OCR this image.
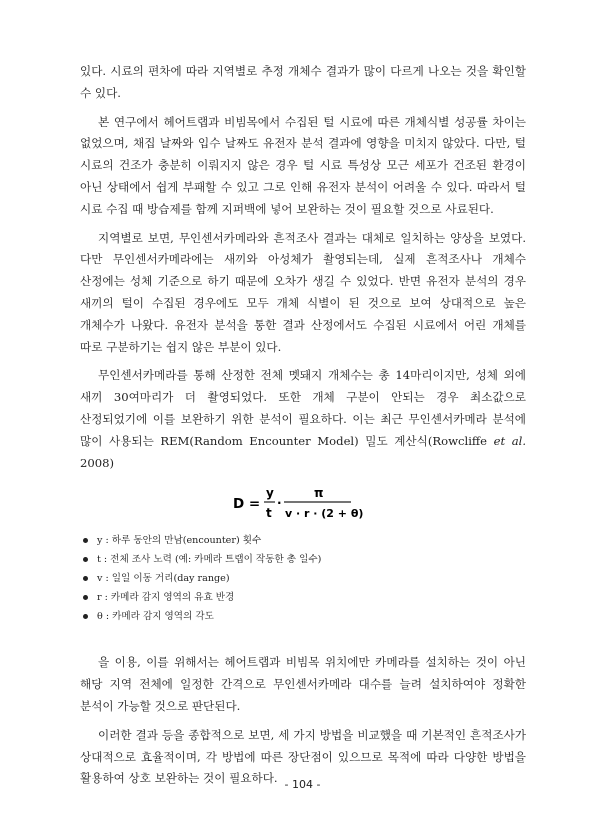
있다. 시료의 편차에 따라 지역별로 추정 개체수 결과가 많이 다르게 나오는 것을 확인할 수 있다.

본 연구에서 헤어트랩과 비빔목에서 수집된 털 시료에 따른 개체식별 성공률 차이는 없었으며, 채집 날짜와 입수 날짜도 유전자 분석 결과에 영향을 미치지 않았다. 다만, 털 시료의 건조가 충분히 이뤄지지 않은 경우 털 시료 특성상 모근 세포가 건조된 환경이 아닌 상태에서 쉽게 부패할 수 있고 그로 인해 유전자 분석이 어려울 수 있다. 따라서 털 시료 수집 때 방습제를 함께 지퍼백에 넣어 보완하는 것이 필요할 것으로 사료된다.

지역별로 보면, 무인센서카메라와 흔적조사 결과는 대체로 일치하는 양상을 보였다. 다만 무인센서카메라에는 새끼와 아성체가 촬영되는데, 실제 흔적조사나 개체수 산정에는 성체 기준으로 하기 때문에 오차가 생길 수 있었다. 반면 유전자 분석의 경우 새끼의 털이 수집된 경우에도 모두 개체 식별이 된 것으로 보여 상대적으로 높은 개체수가 나왔다. 유전자 분석을 통한 결과 산정에서도 수집된 시료에서 어린 개체를 따로 구분하기는 쉽지 않은 부분이 있다.

무인센서카메라를 통해 산정한 전체 멧돼지 개체수는 총 14마리이지만, 성체 외에 새끼 30여마리가 더 촬영되었다. 또한 개체 구분이 안되는 경우 최소값으로 산정되었기에 이를 보완하기 위한 분석이 필요하다. 이는 최근 무인센서카메라 분석에 많이 사용되는 REM(Random Encounter Model) 밀도 계산식(Rowcliffe et al. 2008)

D =
y
t
·
π
v · r · (2 + θ)
y : 하루 동안의 만남(encounter) 횟수
t : 전체 조사 노력 (예: 카메라 트랩이 작동한 총 일수)
v : 일일 이동 거리(day range)
r : 카메라 감지 영역의 유효 반경
θ : 카메라 감지 영역의 각도

을 이용, 이를 위해서는 헤어트랩과 비빔목 위치에만 카메라를 설치하는 것이 아닌 해당 지역 전체에 일정한 간격으로 무인센서카메라 대수를 늘려 설치하여야 정확한 분석이 가능할 것으로 판단된다.

이러한 결과 등을 종합적으로 보면, 세 가지 방법을 비교했을 때 기본적인 흔적조사가 상대적으로 효율적이며, 각 방법에 따른 장단점이 있으므로 목적에 따라 다양한 방법을 활용하여 상호 보완하는 것이 필요하다. - 104 -
